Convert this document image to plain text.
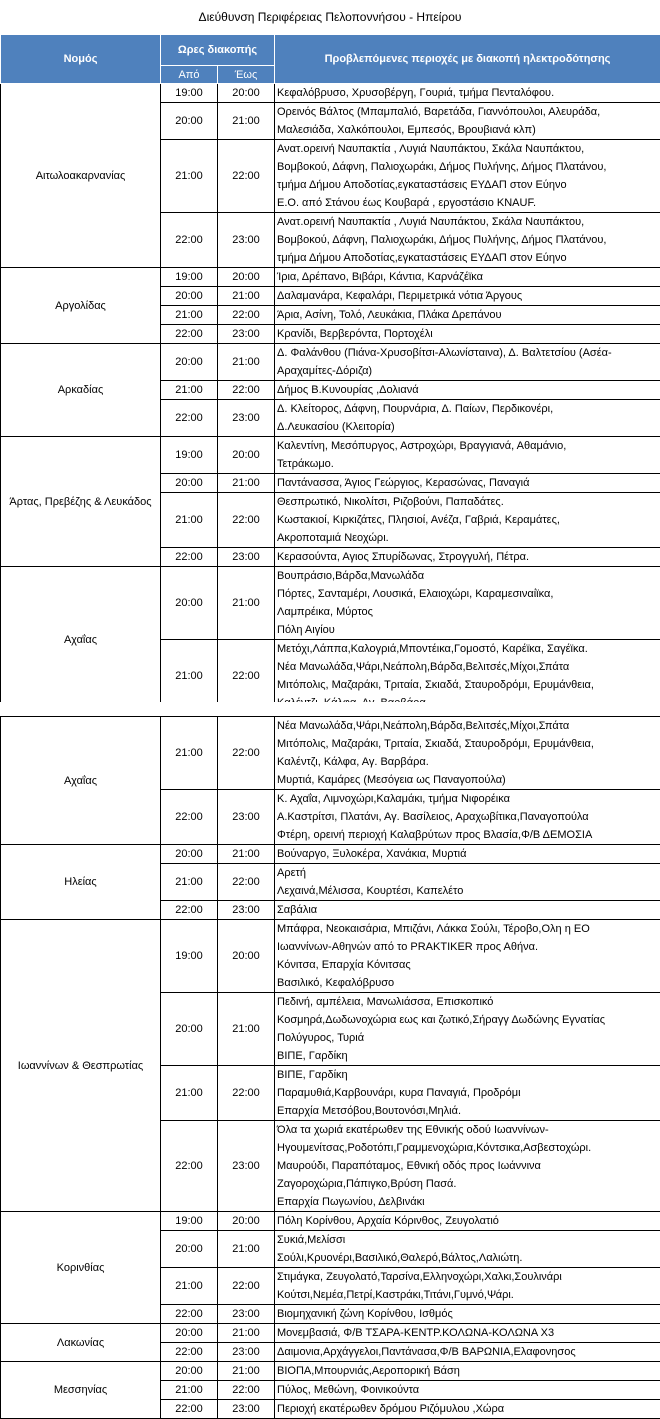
Διεύθυνση Περιφέρειας Πελοποννήσου - Ηπείρου
Νομός	Ωρες διακοπής		Προβλεπόμενες περιοχές με διακοπή ηλεκτροδότησης
	Από	Έως	
Αιτωλοακαρνανίας	19:00	20:00	Κεφαλόβρυσο, Χρυσοβέργη, Γουριά, τμήμα Πενταλόφου.

	20:00	21:00	Ορεινός Βάλτος (Μπαμπαλιό, Βαρετάδα, Γιαννόπουλοι, Αλευράδα,
Μαλεσιάδα, Χαλκόπουλοι, Εμπεσός, Βρουβιανά κλπ)

	21:00	22:00	Ανατ.ορεινή Ναυπακτία , Λυγιά Ναυπάκτου, Σκάλα Ναυπάκτου,
Βομβοκού, Δάφνη, Παλιοχωράκι, Δήμος Πυλήνης, Δήμος Πλατάνου,
τμήμα Δήμου Αποδοτίας,εγκαταστάσεις ΕΥΔΑΠ στον Εύηνο
Ε.Ο. από Στάνου έως Κουβαρά , εργοστάσιο KNAUF.

	22:00	23:00	Ανατ.ορεινή Ναυπακτία , Λυγιά Ναυπάκτου, Σκάλα Ναυπάκτου,
Βομβοκού, Δάφνη, Παλιοχωράκι, Δήμος Πυλήνης, Δήμος Πλατάνου,
τμήμα Δήμου Αποδοτίας,εγκαταστάσεις ΕΥΔΑΠ στον Εύηνο

Αργολίδας	19:00	20:00	Ίρια, Δρέπανο, Βιβάρι, Κάντια, Καρνάζέϊκα

	20:00	21:00	Δαλαμανάρα, Κεφαλάρι, Περιμετρικά νότια Άργους

	21:00	22:00	Άρια, Ασίνη, Τολό, Λευκάκια, Πλάκα Δρεπάνου

	22:00	23:00	Κρανίδι, Βερβερόντα, Πορτοχέλι

Αρκαδίας	20:00	21:00	Δ. Φαλάνθου (Πιάνα-Χρυσοβίτσι-Αλωνίσταινα), Δ. Βαλτετσίου (Ασέα-
Αραχαμίτες-Δόριζα)

	21:00	22:00	Δήμος Β.Κυνουρίας ,Δολιανά

	22:00	23:00	Δ. Κλείτορος, Δάφνη, Πουρνάρια, Δ. Παίων, Περδικονέρι,
Δ.Λευκασίου (Κλειτορία)

Άρτας, Πρεβέζης & Λευκάδος	19:00	20:00	Καλεντίνη, Μεσόπυργος, Αστροχώρι, Βραγγιανά, Αθαμάνιο,
Τετράκωμο.

	20:00	21:00	Παντάνασσα, Άγιος Γεώργιος, Κερασώνας, Παναγιά

	21:00	22:00	Θεσπρωτικό, Νικολίτσι, Ριζοβούνι, Παπαδάτες.
Κωστακιοί, Κιρκιζάτες, Πλησιοί, Ανέζα, Γαβριά, Κεραμάτες,
Ακροποταμιά Νεοχώρι.

	22:00	23:00	Κερασούντα, Αγιος Σπυρίδωνας, Στρογγυλή, Πέτρα.

Αχαΐας	20:00	21:00	Βουπράσιο,Βάρδα,Μανωλάδα
Πόρτες, Σανταμέρι, Λουσικά, Ελαιοχώρι, Καραμεσιναίϊκα,
Λαμπρέικα, Μύρτος
Πόλη Αιγίου

	21:00	22:00	Μετόχι,Λάππα,Καλογριά,Μποντέικα,Γομοστό, Καρέϊκα, Σαγέϊκα.
Νέα Μανωλάδα,Ψάρι,Νεάπολη,Βάρδα,Βελιτσές,Μίχοι,Σπάτα
Μιτόπολις, Μαζαράκι, Τριταία, Σκιαδά, Σταυροδρόμι, Ερυμάνθεια,
Αχαΐας	21:00	22:00	Νέα Μανωλάδα,Ψάρι,Νεάπολη,Βάρδα,Βελιτσές,Μίχοι,Σπάτα
Μιτόπολις, Μαζαράκι, Τριταία, Σκιαδά, Σταυροδρόμι, Ερυμάνθεια,
Καλέντζι, Κάλφα, Αγ. Βαρβάρα.
Μυρτιά, Καμάρες (Μεσόγεια ως Παναγοπούλα)

	22:00	23:00	Κ. Αχαΐα, Λιμνοχώρι,Καλαμάκι, τμήμα Νιφορέικα
Α.Καστρίτσι, Πλατάνι, Αγ. Βασίλειος, Αραχωβίτικα,Παναγοπούλα
Φτέρη, ορεινή περιοχή Καλαβρύτων προς Βλασία,Φ/Β ΔΕΜΟΣΙΑ

Ηλείας	20:00	21:00	Βούναργο, Ξυλοκέρα, Χανάκια, Μυρτιά

	21:00	22:00	Αρετή
Λεχαινά,Μέλισσα, Κουρτέσι, Καπελέτο

	22:00	23:00	Σαβάλια

Ιωαννίνων & Θεσπρωτίας	19:00	20:00	Μπάφρα, Νεοκαισάρια, Μπιζάνι, Λάκκα Σούλι, Τέροβο,Ολη η ΕΟ
Ιωαννίνων-Αθηνών από το PRAKTIKER προς Αθήνα.
Κόνιτσα, Επαρχία Κόνιτσας
Βασιλικό, Κεφαλόβρυσο

	20:00	21:00	Πεδινή, αμπέλεια, Μανωλιάσσα, Επισκοπικό
Κοσμηρά,Δωδωνοχώρια εως και ζωτικό,Σήραγγ Δωδώνης Εγνατίας
Πολύγυρος, Τυριά
ΒΙΠΕ, Γαρδίκη

	21:00	22:00	ΒΙΠΕ, Γαρδίκη
Παραμυθιά,Καρβουνάρι, κυρα Παναγιά, Προδρόμι
Επαρχία Μετσόβου,Βουτονόσι,Μηλιά.

	22:00	23:00	Όλα τα χωριά εκατέρωθεν της Εθνικής οδού Ιωαννίνων-
Ηγουμενίτσας,Ροδοτόπι,Γραμμενοχώρια,Κόντσικα,Ασβεστοχώρι.
Μαυρούδι, Παραπόταμος, Εθνική οδός προς Ιωάννινα
Ζαγοροχώρια,Πάπιγκο,Βρύση Πασά.
Επαρχία Πωγωνίου, Δελβινάκι

Κορινθίας	19:00	20:00	Πόλη Κορίνθου, Αρχαία Κόρινθος, Ζευγολατιό

	20:00	21:00	Συκιά,Μελίσσι
Σούλι,Κρυονέρι,Βασιλικό,Θαλερό,Βάλτος,Λαλιώτη.

	21:00	22:00	Στιμάγκα, Ζευγολατό,Ταρσίνα,Ελληνοχώρι,Χαλκι,Σουλινάρι
Κούτσι,Νεμέα,Πετρί,Καστράκι,Τιτάνι,Γυμνό,Ψάρι.

	22:00	23:00	Βιομηχανική ζώνη Κορίνθου, Ισθμός

Λακωνίας	20:00	21:00	Μονεμβασιά, Φ/Β ΤΣΑΡΑ-ΚΕΝΤΡ.ΚΟΛΩΝΑ-ΚΟΛΩΝΑ Χ3

	22:00	23:00	Δαιμονια,Αρχάγγελοι,Παντάνασα,Φ/Β ΒΑΡΩΝΙΑ,Ελαφονησος

Μεσσηνίας	20:00	21:00	ΒΙΟΠΑ,Μπουρνιάς,Αεροπορική Βάση

	21:00	22:00	Πύλος, Μεθώνη, Φοινικούντα

	22:00	23:00	Περιοχή εκατέρωθεν δρόμου Ριζόμυλου ,Χώρα
